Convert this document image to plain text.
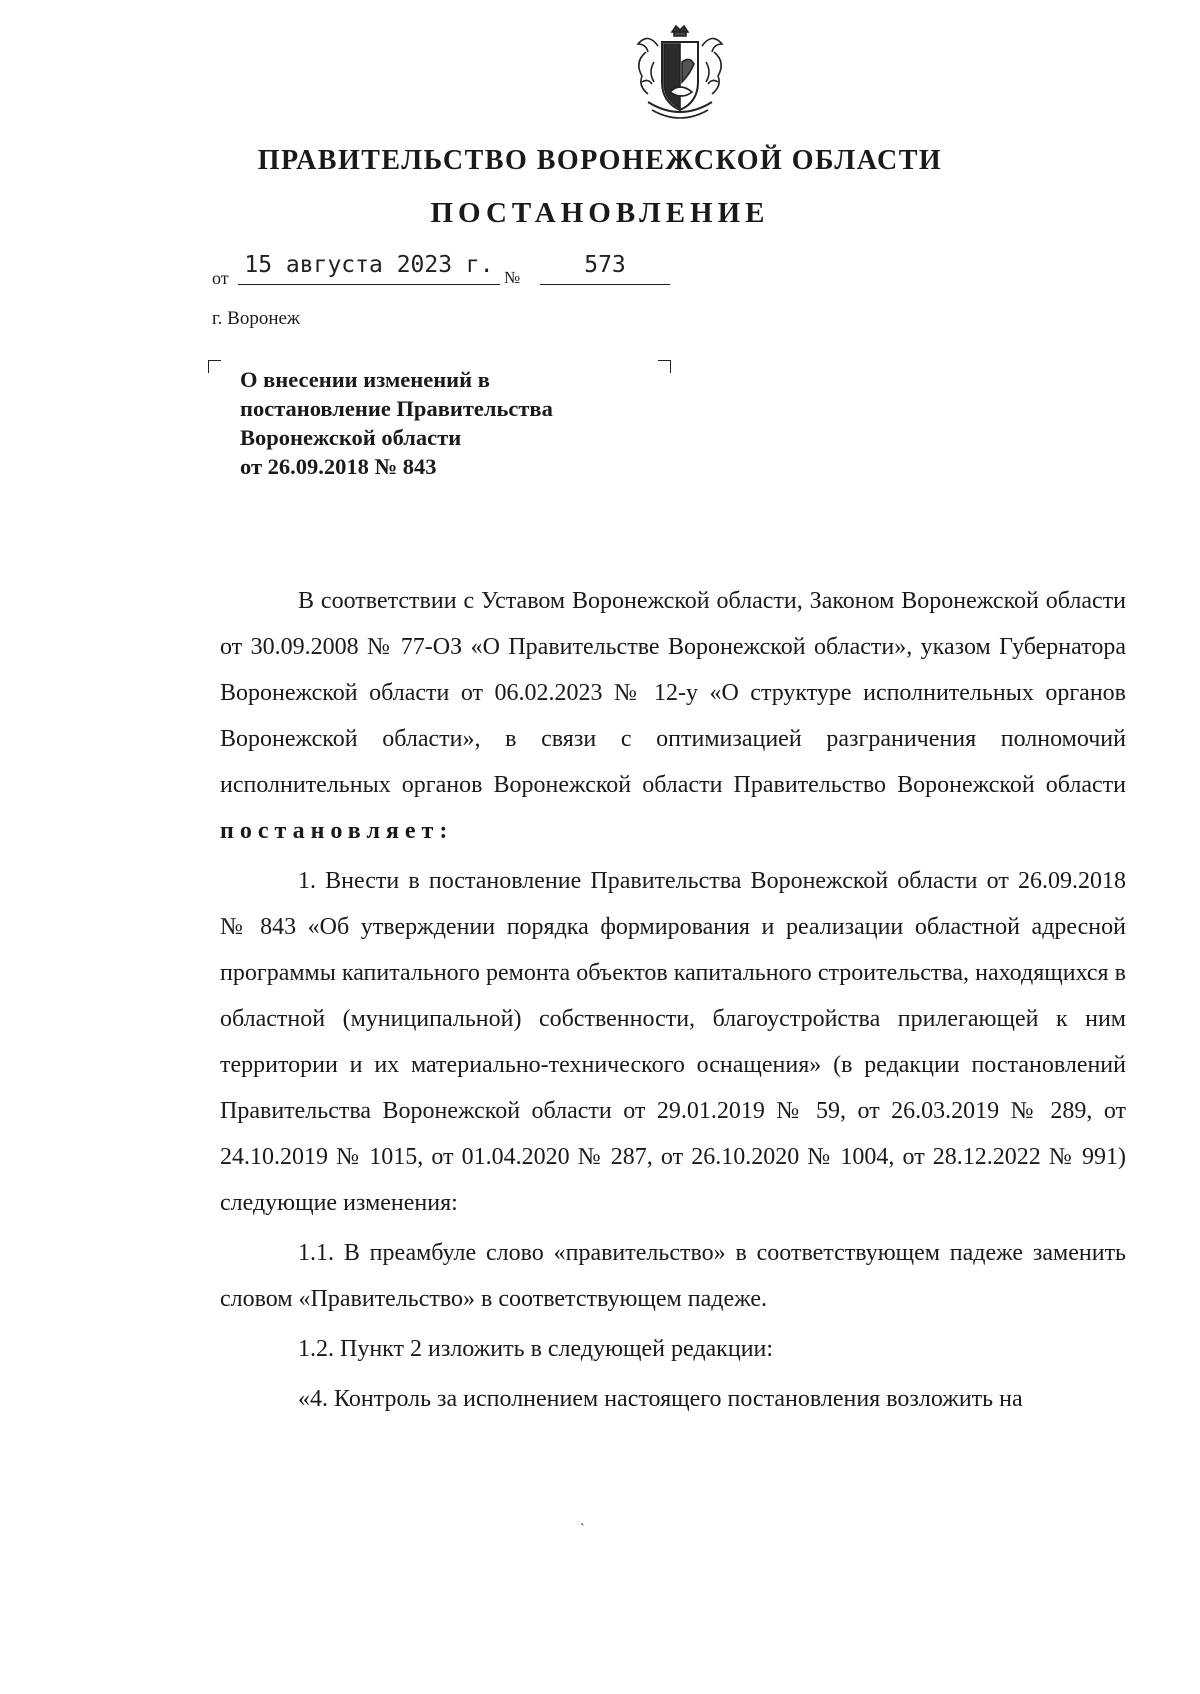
ПРАВИТЕЛЬСТВО ВОРОНЕЖСКОЙ ОБЛАСТИ
ПОСТАНОВЛЕНИЕ
от 15 августа 2023 г. №	573
г. Воронеж
О внесении изменений в
постановление Правительства
Воронежской области
от 26.09.2018 № 843

В соответствии с Уставом Воронежской области, Законом Воронежской области от 30.09.2008 № 77-ОЗ «О Правительстве Воронежской области», указом Губернатора Воронежской области от 06.02.2023 № 12-у «О структуре исполнительных органов Воронежской области», в связи с оптимизацией разграничения полномочий исполнительных органов Воронежской области Правительство Воронежской области постановляет:

1. Внести в постановление Правительства Воронежской области от 26.09.2018 № 843 «Об утверждении порядка формирования и реализации областной адресной программы капитального ремонта объектов капитального строительства, находящихся в областной (муниципальной) собственности, благоустройства прилегающей к ним территории и их материально-технического оснащения» (в редакции постановлений Правительства Воронежской области от 29.01.2019 № 59, от 26.03.2019 № 289, от 24.10.2019 № 1015, от 01.04.2020 № 287, от 26.10.2020 № 1004, от 28.12.2022 № 991) следующие изменения:

1.1. В преамбуле слово «правительство» в соответствующем падеже заменить словом «Правительство» в соответствующем падеже.

1.2. Пункт 2 изложить в следующей редакции:

«4. Контроль за исполнением настоящего постановления возложить на

`
